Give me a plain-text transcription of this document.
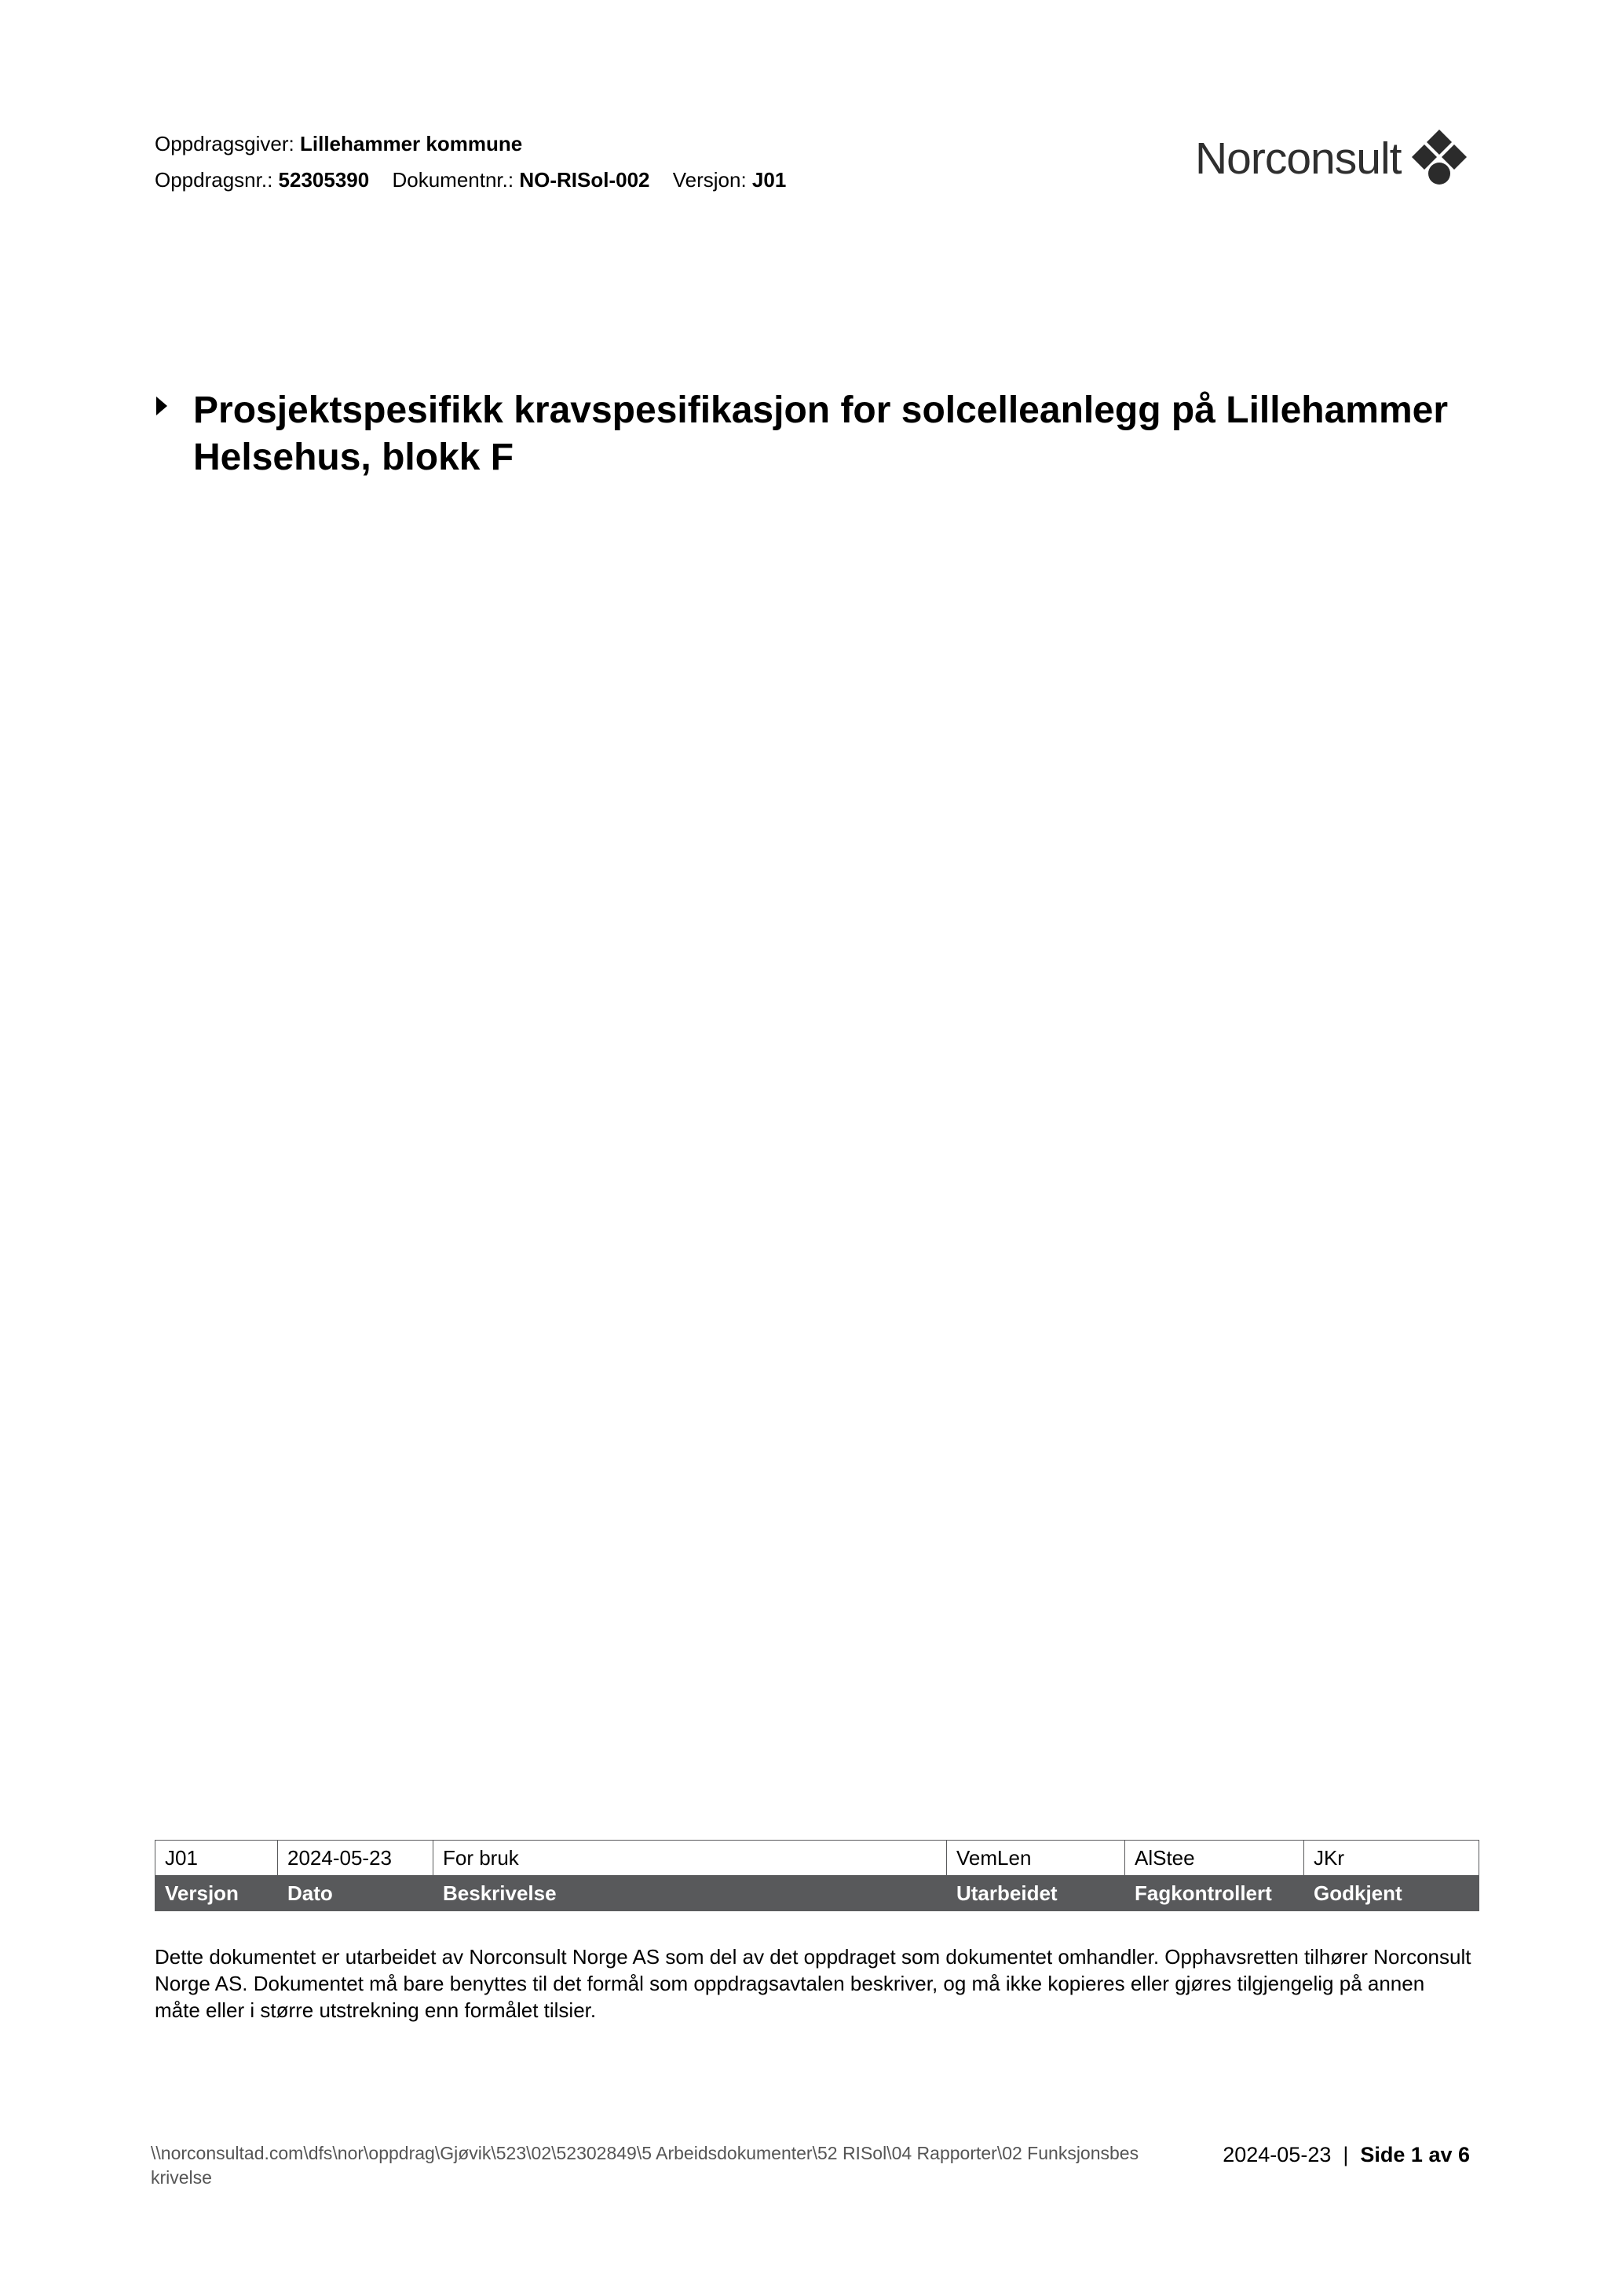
Oppdragsgiver: Lillehammer kommune
Oppdragsnr.: 52305390 Dokumentnr.: NO-RISol-002 Versjon: J01	Norconsult
Prosjektspesifikk kravspesifikasjon for solcelleanlegg på Lillehammer Helsehus, blokk F
J01	2024-05-23	For bruk	VemLen	AlStee	JKr
Versjon	Dato	Beskrivelse	Utarbeidet	Fagkontrollert	Godkjent
Dette dokumentet er utarbeidet av Norconsult Norge AS som del av det oppdraget som dokumentet omhandler. Opphavsretten tilhører Norconsult Norge AS. Dokumentet må bare benyttes til det formål som oppdragsavtalen beskriver, og må ikke kopieres eller gjøres tilgjengelig på annen måte eller i større utstrekning enn formålet tilsier.
\\norconsultad.com\dfs\nor\oppdrag\Gjøvik\523\02\52302849\5 Arbeidsdokumenter\52 RISol\04 Rapporter\02 Funksjonsbeskrivelse
2024-05-23 | Side 1 av 6
